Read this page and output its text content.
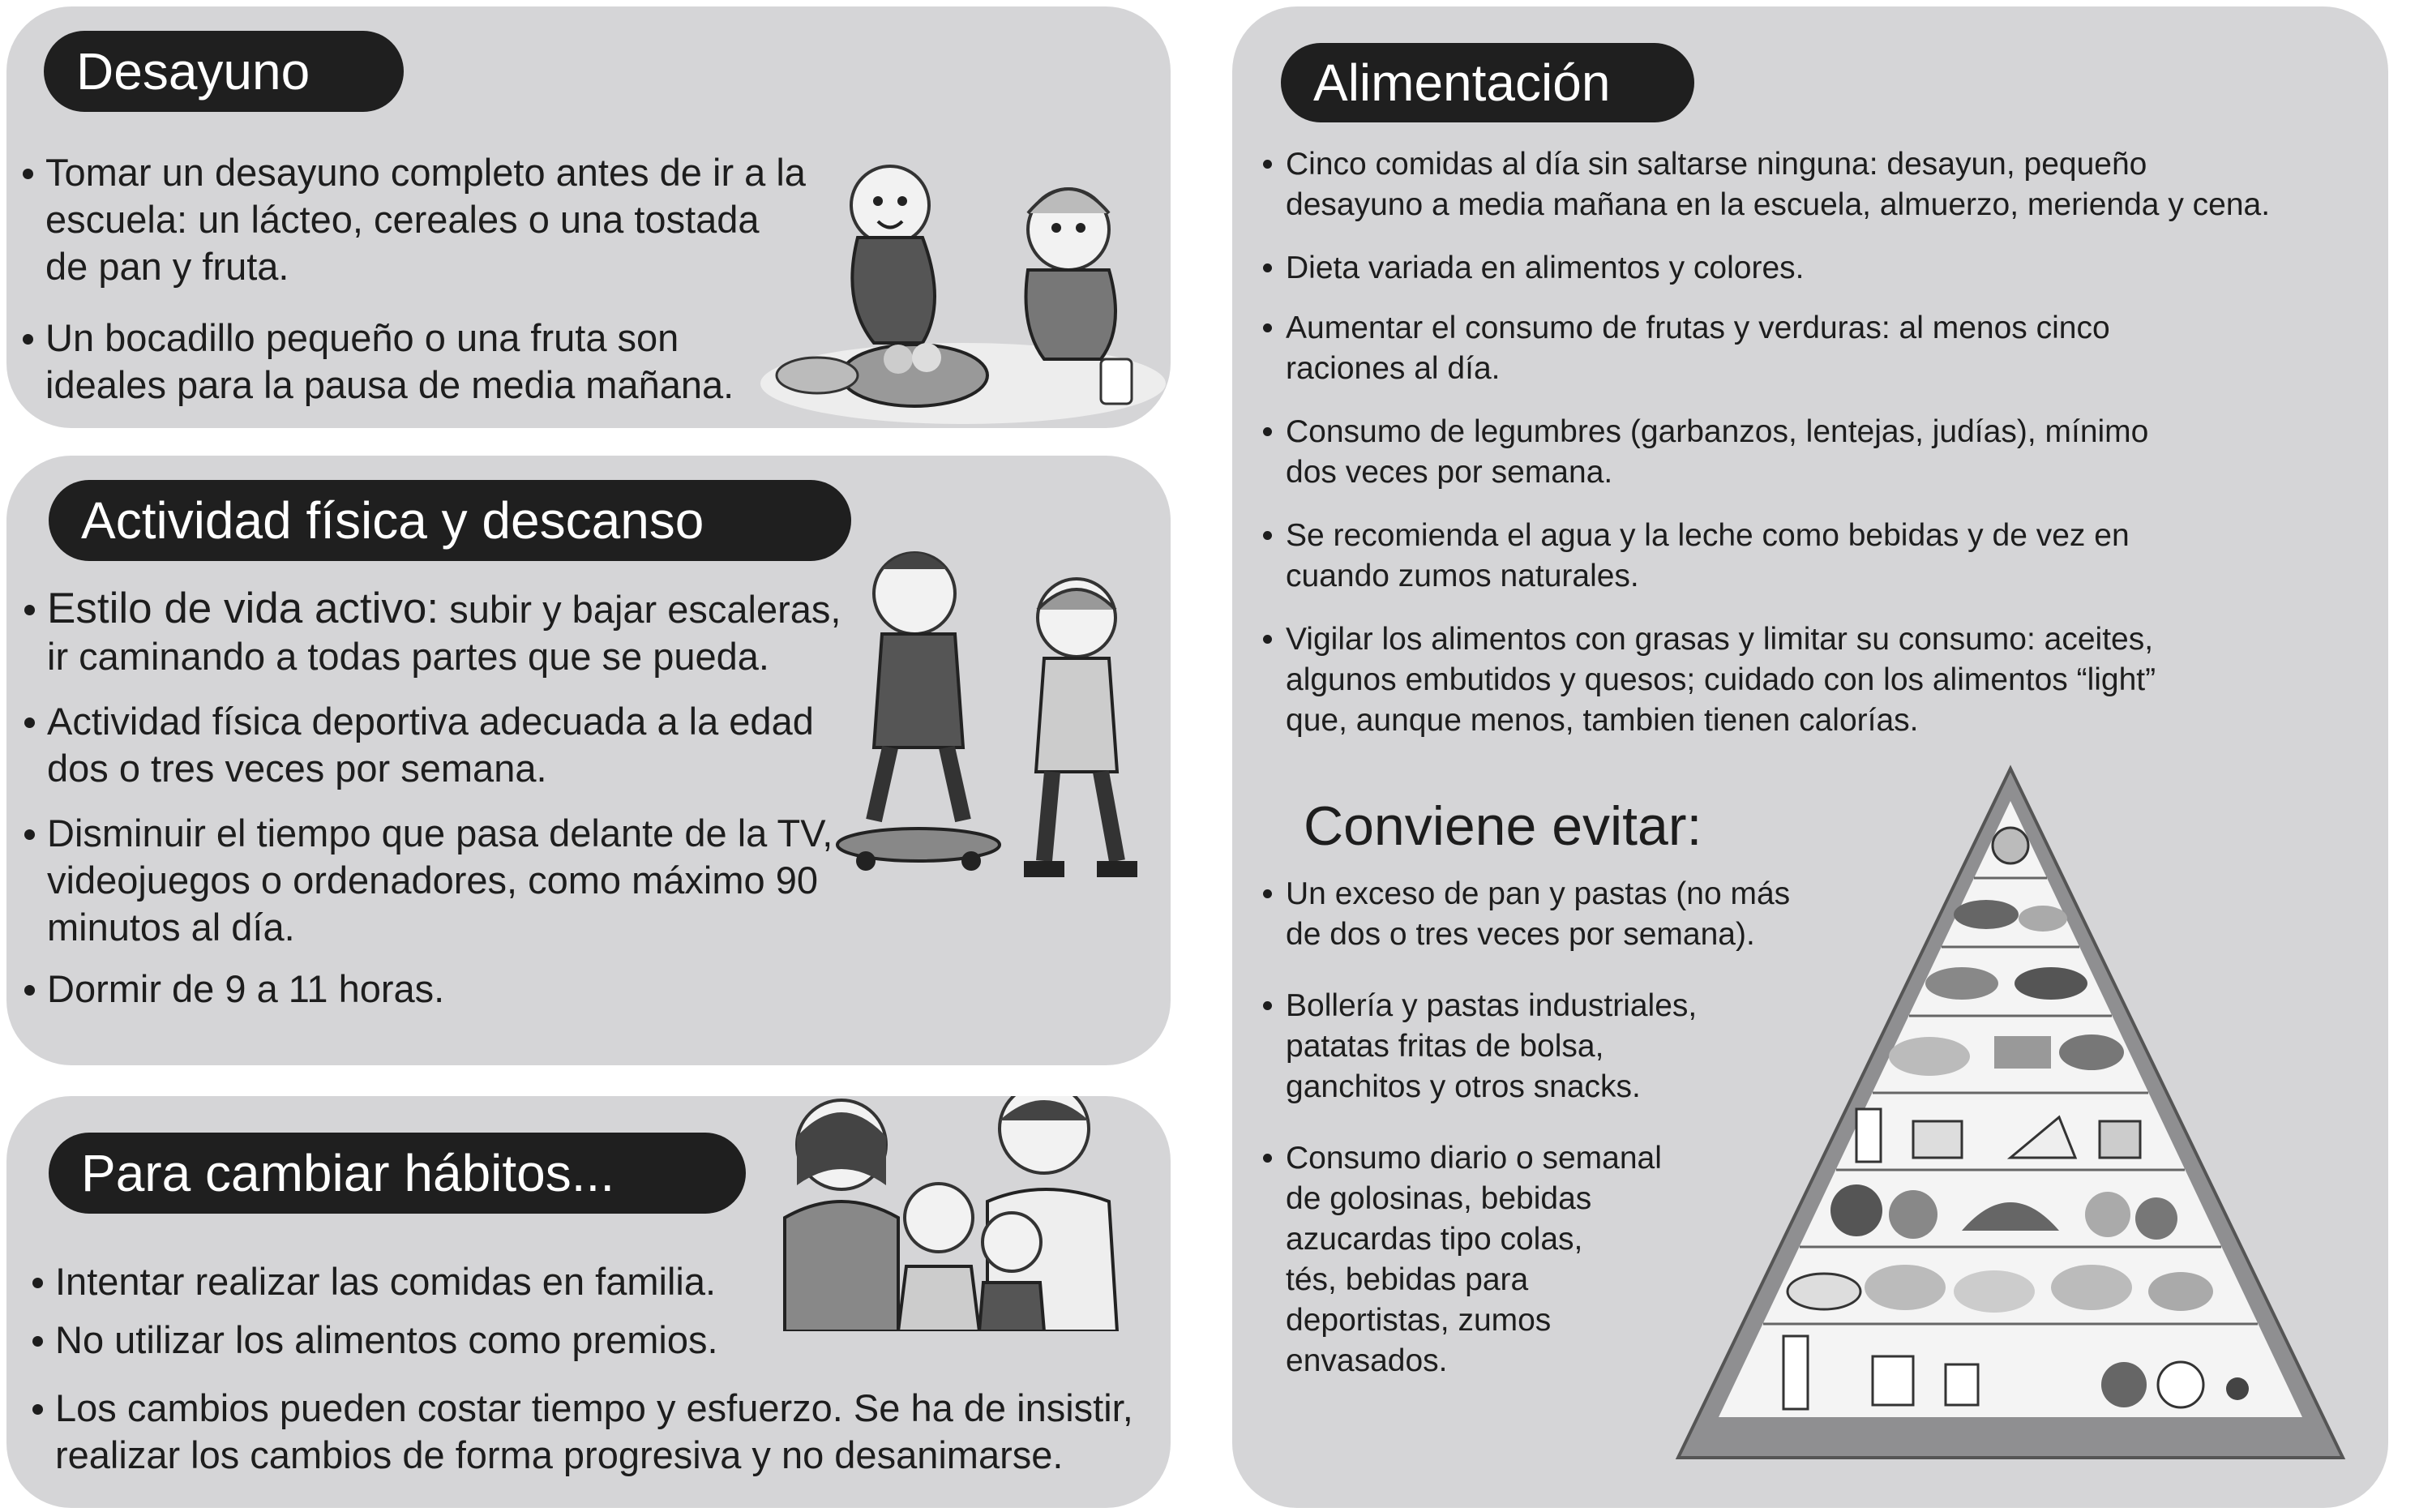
Desayuno
Tomar un desayuno completo antes de ir a la
escuela: un lácteo, cereales o una tostada
de pan y fruta.
Un bocadillo pequeño o una fruta son
ideales para la pausa de media mañana.
Actividad física y descanso
Estilo de vida activo: subir y bajar escaleras,
ir caminando a todas partes que se pueda.
Actividad física deportiva adecuada a la edad
dos o tres veces por semana.
Disminuir el tiempo que pasa delante de la TV,
videojuegos o ordenadores, como máximo 90
minutos al día.
Dormir de 9 a 11 horas.
Para cambiar hábitos...
Intentar realizar las comidas en familia.
No utilizar los alimentos como premios.
Los cambios pueden costar tiempo y esfuerzo. Se ha de insistir,
realizar los cambios de forma progresiva y no desanimarse.
Alimentación
Cinco comidas al día sin saltarse ninguna: desayun, pequeño
desayuno a media mañana en la escuela, almuerzo, merienda y cena.
Dieta variada en alimentos y colores.
Aumentar el consumo de frutas y verduras: al menos cinco
raciones al día.
Consumo de legumbres (garbanzos, lentejas, judías), mínimo
dos veces por semana.
Se recomienda el agua y la leche como bebidas y de vez en
cuando zumos naturales.
Vigilar los alimentos con grasas y limitar su consumo: aceites,
algunos embutidos y quesos; cuidado con los alimentos “light”
que, aunque menos, tambien tienen calorías.
Conviene evitar:
Un exceso de pan y pastas (no más
de dos o tres veces por semana).
Bollería y pastas industriales,
patatas fritas de bolsa,
ganchitos y otros snacks.
Consumo diario o semanal
de golosinas, bebidas
azucardas tipo colas,
tés, bebidas para
deportistas, zumos
envasados.
